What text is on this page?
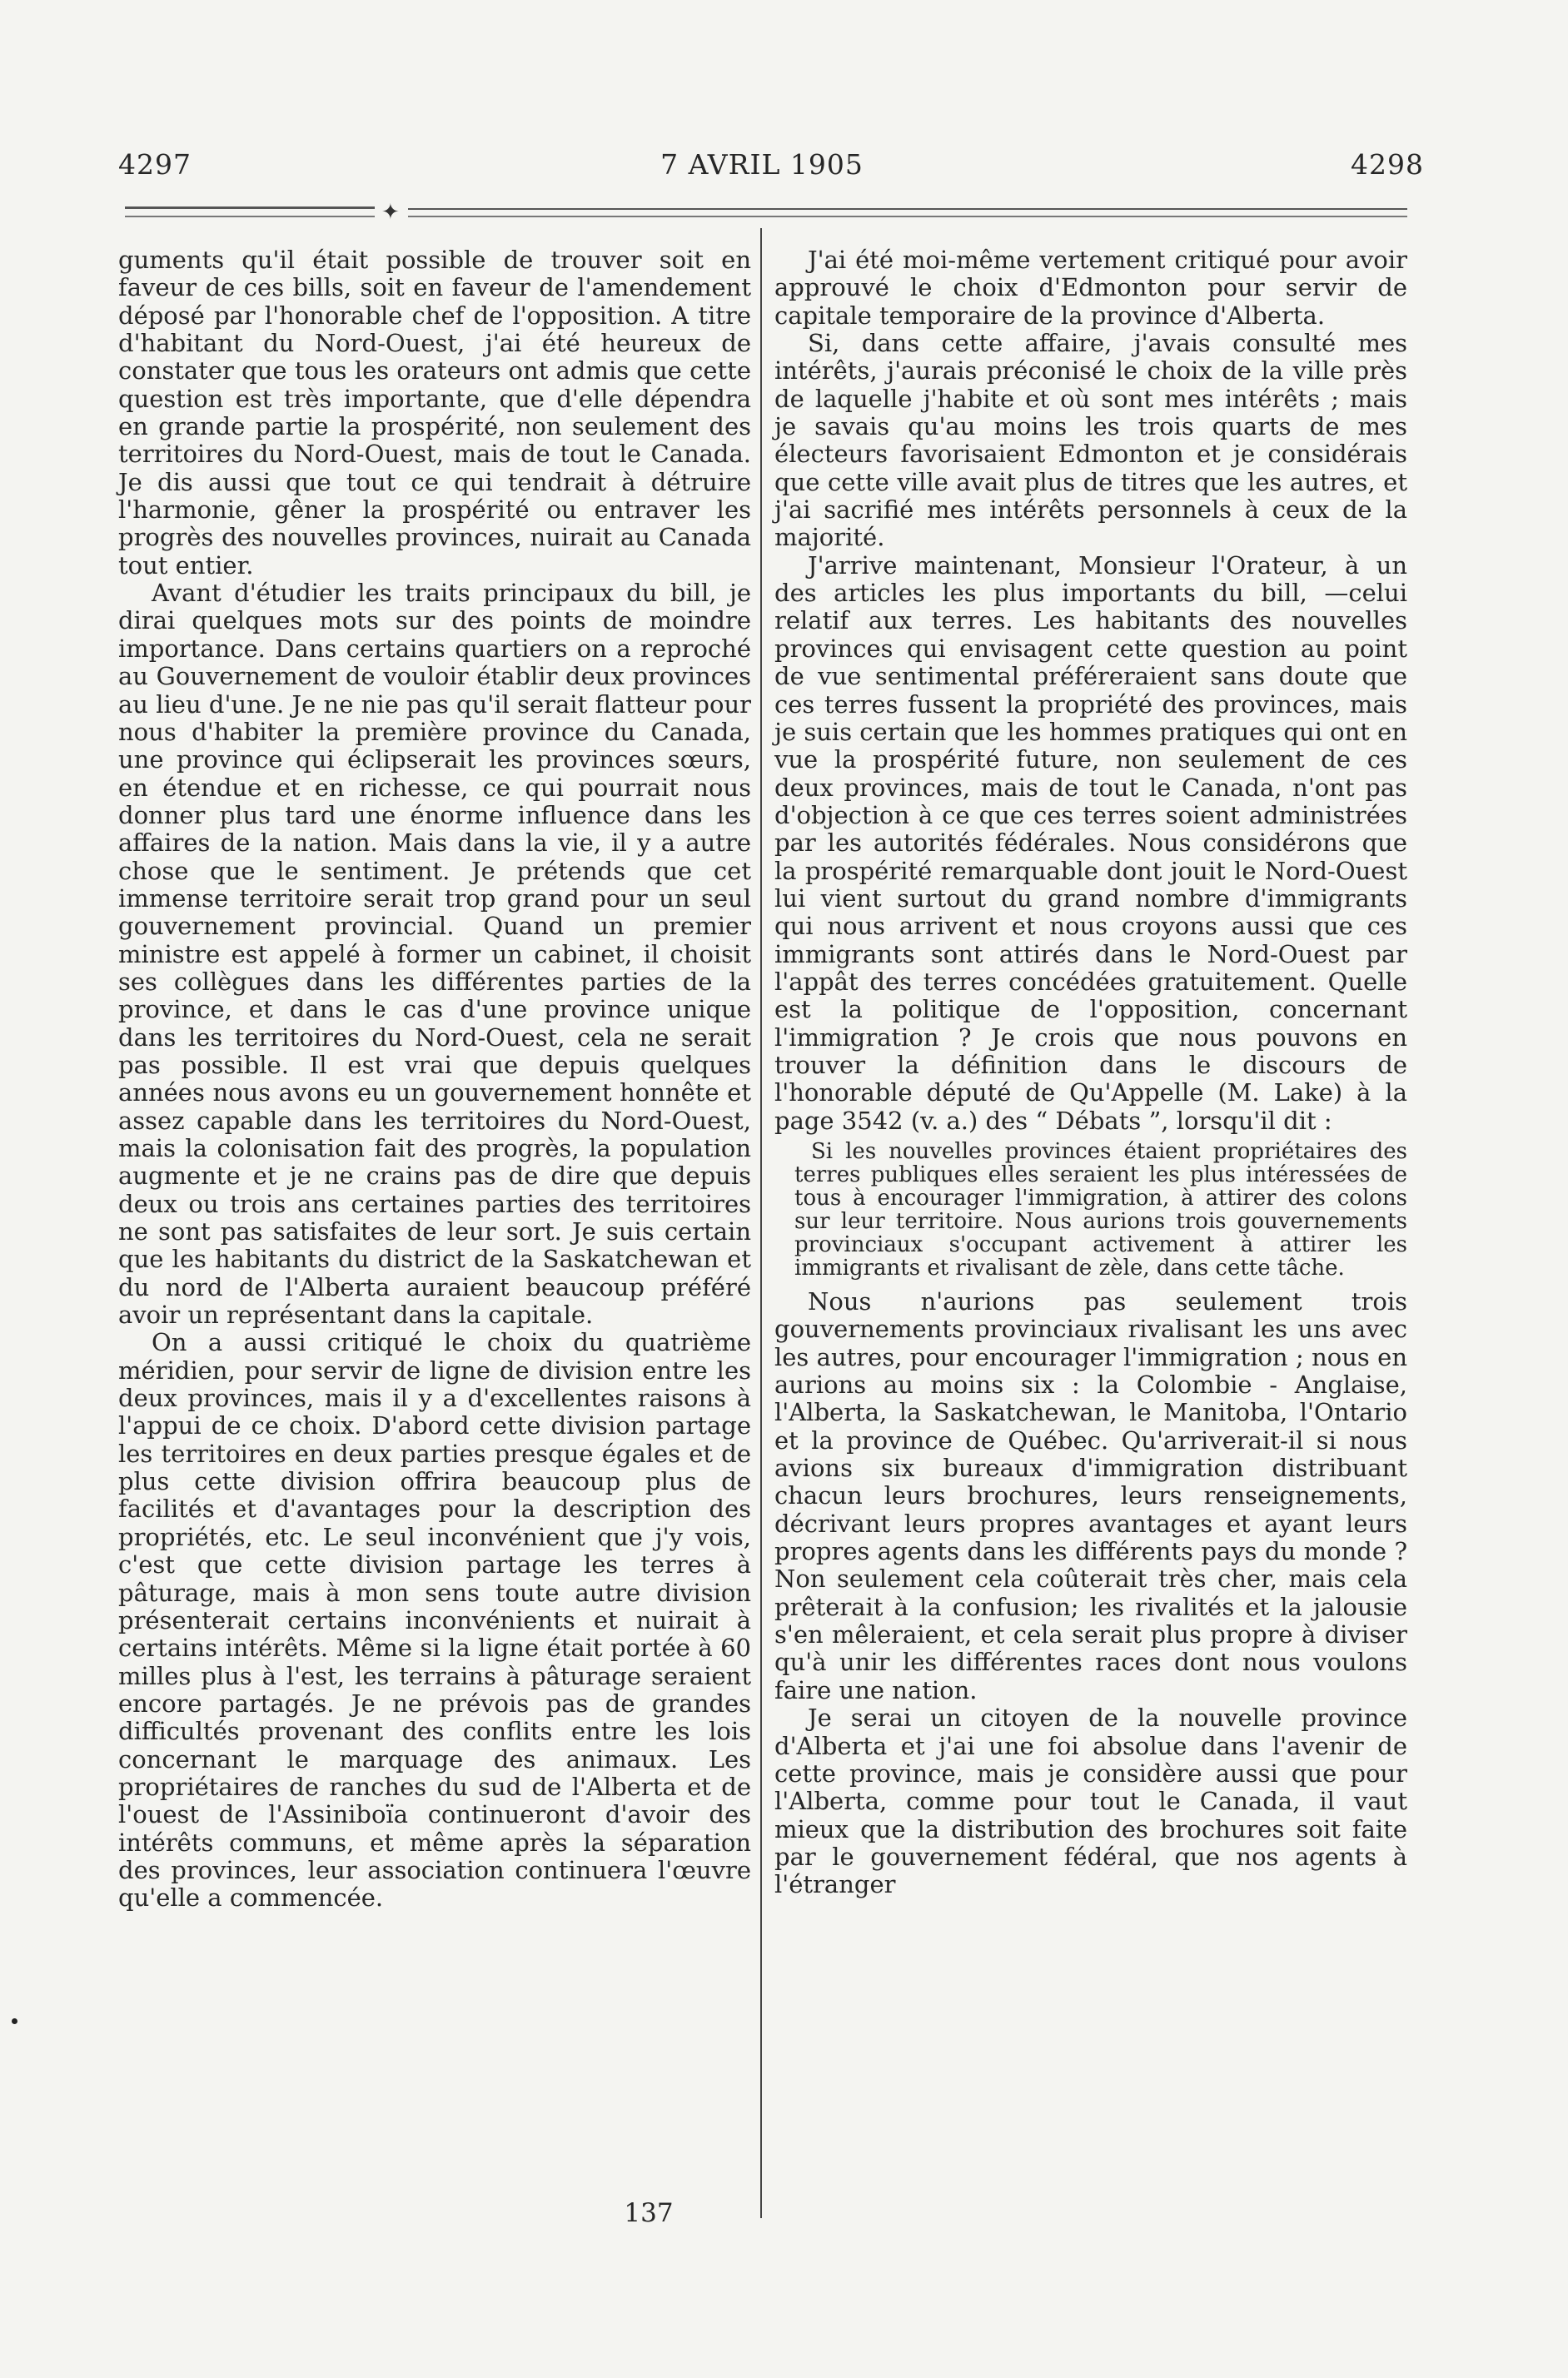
4297	7 AVRIL 1905	4298
✦

guments qu'il était possible de trouver soit en faveur de ces bills, soit en faveur de l'amendement déposé par l'honorable chef de l'opposition. A titre d'habitant du Nord-Ouest, j'ai été heureux de constater que tous les orateurs ont admis que cette question est très importante, que d'elle dépendra en grande partie la prospérité, non seulement des territoires du Nord-Ouest, mais de tout le Canada. Je dis aussi que tout ce qui tendrait à détruire l'harmonie, gêner la prospérité ou entraver les progrès des nouvelles provinces, nuirait au Canada tout entier.

Avant d'étudier les traits principaux du bill, je dirai quelques mots sur des points de moindre importance. Dans certains quartiers on a reproché au Gouvernement de vouloir établir deux provinces au lieu d'une. Je ne nie pas qu'il serait flatteur pour nous d'habiter la première province du Canada, une province qui éclipserait les provinces sœurs, en étendue et en richesse, ce qui pourrait nous donner plus tard une énorme influence dans les affaires de la nation. Mais dans la vie, il y a autre chose que le sentiment. Je prétends que cet immense territoire serait trop grand pour un seul gouvernement provincial. Quand un premier ministre est appelé à former un cabinet, il choisit ses collègues dans les différentes parties de la province, et dans le cas d'une province unique dans les territoires du Nord-Ouest, cela ne serait pas possible. Il est vrai que depuis quelques années nous avons eu un gouvernement honnête et assez capable dans les territoires du Nord-Ouest, mais la colonisation fait des progrès, la population augmente et je ne crains pas de dire que depuis deux ou trois ans certaines parties des territoires ne sont pas satisfaites de leur sort. Je suis certain que les habitants du district de la Saskatchewan et du nord de l'Alberta auraient beaucoup préféré avoir un représentant dans la capitale.

On a aussi critiqué le choix du quatrième méridien, pour servir de ligne de division entre les deux provinces, mais il y a d'excellentes raisons à l'appui de ce choix. D'abord cette division partage les territoires en deux parties presque égales et de plus cette division offrira beaucoup plus de facilités et d'avantages pour la description des propriétés, etc. Le seul inconvénient que j'y vois, c'est que cette division partage les terres à pâturage, mais à mon sens toute autre division présenterait certains inconvénients et nuirait à certains intérêts. Même si la ligne était portée à 60 milles plus à l'est, les terrains à pâturage seraient encore partagés. Je ne prévois pas de grandes difficultés provenant des conflits entre les lois concernant le marquage des animaux. Les propriétaires de ranches du sud de l'Alberta et de l'ouest de l'Assiniboïa continueront d'avoir des intérêts communs, et même après la séparation des provinces, leur association continuera l'œuvre qu'elle a commencée.

J'ai été moi-même vertement critiqué pour avoir approuvé le choix d'Edmonton pour servir de capitale temporaire de la province d'Alberta.

Si, dans cette affaire, j'avais consulté mes intérêts, j'aurais préconisé le choix de la ville près de laquelle j'habite et où sont mes intérêts ; mais je savais qu'au moins les trois quarts de mes électeurs favorisaient Edmonton et je considérais que cette ville avait plus de titres que les autres, et j'ai sacrifié mes intérêts personnels à ceux de la majorité.

J'arrive maintenant, Monsieur l'Orateur, à un des articles les plus importants du bill, —celui relatif aux terres. Les habitants des nouvelles provinces qui envisagent cette question au point de vue sentimental préféreraient sans doute que ces terres fussent la propriété des provinces, mais je suis certain que les hommes pratiques qui ont en vue la prospérité future, non seulement de ces deux provinces, mais de tout le Canada, n'ont pas d'objection à ce que ces terres soient administrées par les autorités fédérales. Nous considérons que la prospérité remarquable dont jouit le Nord-Ouest lui vient surtout du grand nombre d'immigrants qui nous arrivent et nous croyons aussi que ces immigrants sont attirés dans le Nord-Ouest par l'appât des terres concédées gratuitement. Quelle est la politique de l'opposition, concernant l'immigration ? Je crois que nous pouvons en trouver la définition dans le discours de l'honorable député de Qu'Appelle (M. Lake) à la page 3542 (v. a.) des “ Débats ”, lorsqu'il dit :

Si les nouvelles provinces étaient propriétaires des terres publiques elles seraient les plus intéressées de tous à encourager l'immigration, à attirer des colons sur leur territoire. Nous aurions trois gouvernements provinciaux s'occupant activement à attirer les immigrants et rivalisant de zèle, dans cette tâche.

Nous n'aurions pas seulement trois gouvernements provinciaux rivalisant les uns avec les autres, pour encourager l'immigration ; nous en aurions au moins six : la Colombie - Anglaise, l'Alberta, la Saskatchewan, le Manitoba, l'Ontario et la province de Québec. Qu'arriverait-il si nous avions six bureaux d'immigration distribuant chacun leurs brochures, leurs renseignements, décrivant leurs propres avantages et ayant leurs propres agents dans les différents pays du monde ? Non seulement cela coûterait très cher, mais cela prêterait à la confusion; les rivalités et la jalousie s'en mêleraient, et cela serait plus propre à diviser qu'à unir les différentes races dont nous voulons faire une nation.

Je serai un citoyen de la nouvelle province d'Alberta et j'ai une foi absolue dans l'avenir de cette province, mais je considère aussi que pour l'Alberta, comme pour tout le Canada, il vaut mieux que la distribution des brochures soit faite par le gouvernement fédéral, que nos agents à l'étranger

137
